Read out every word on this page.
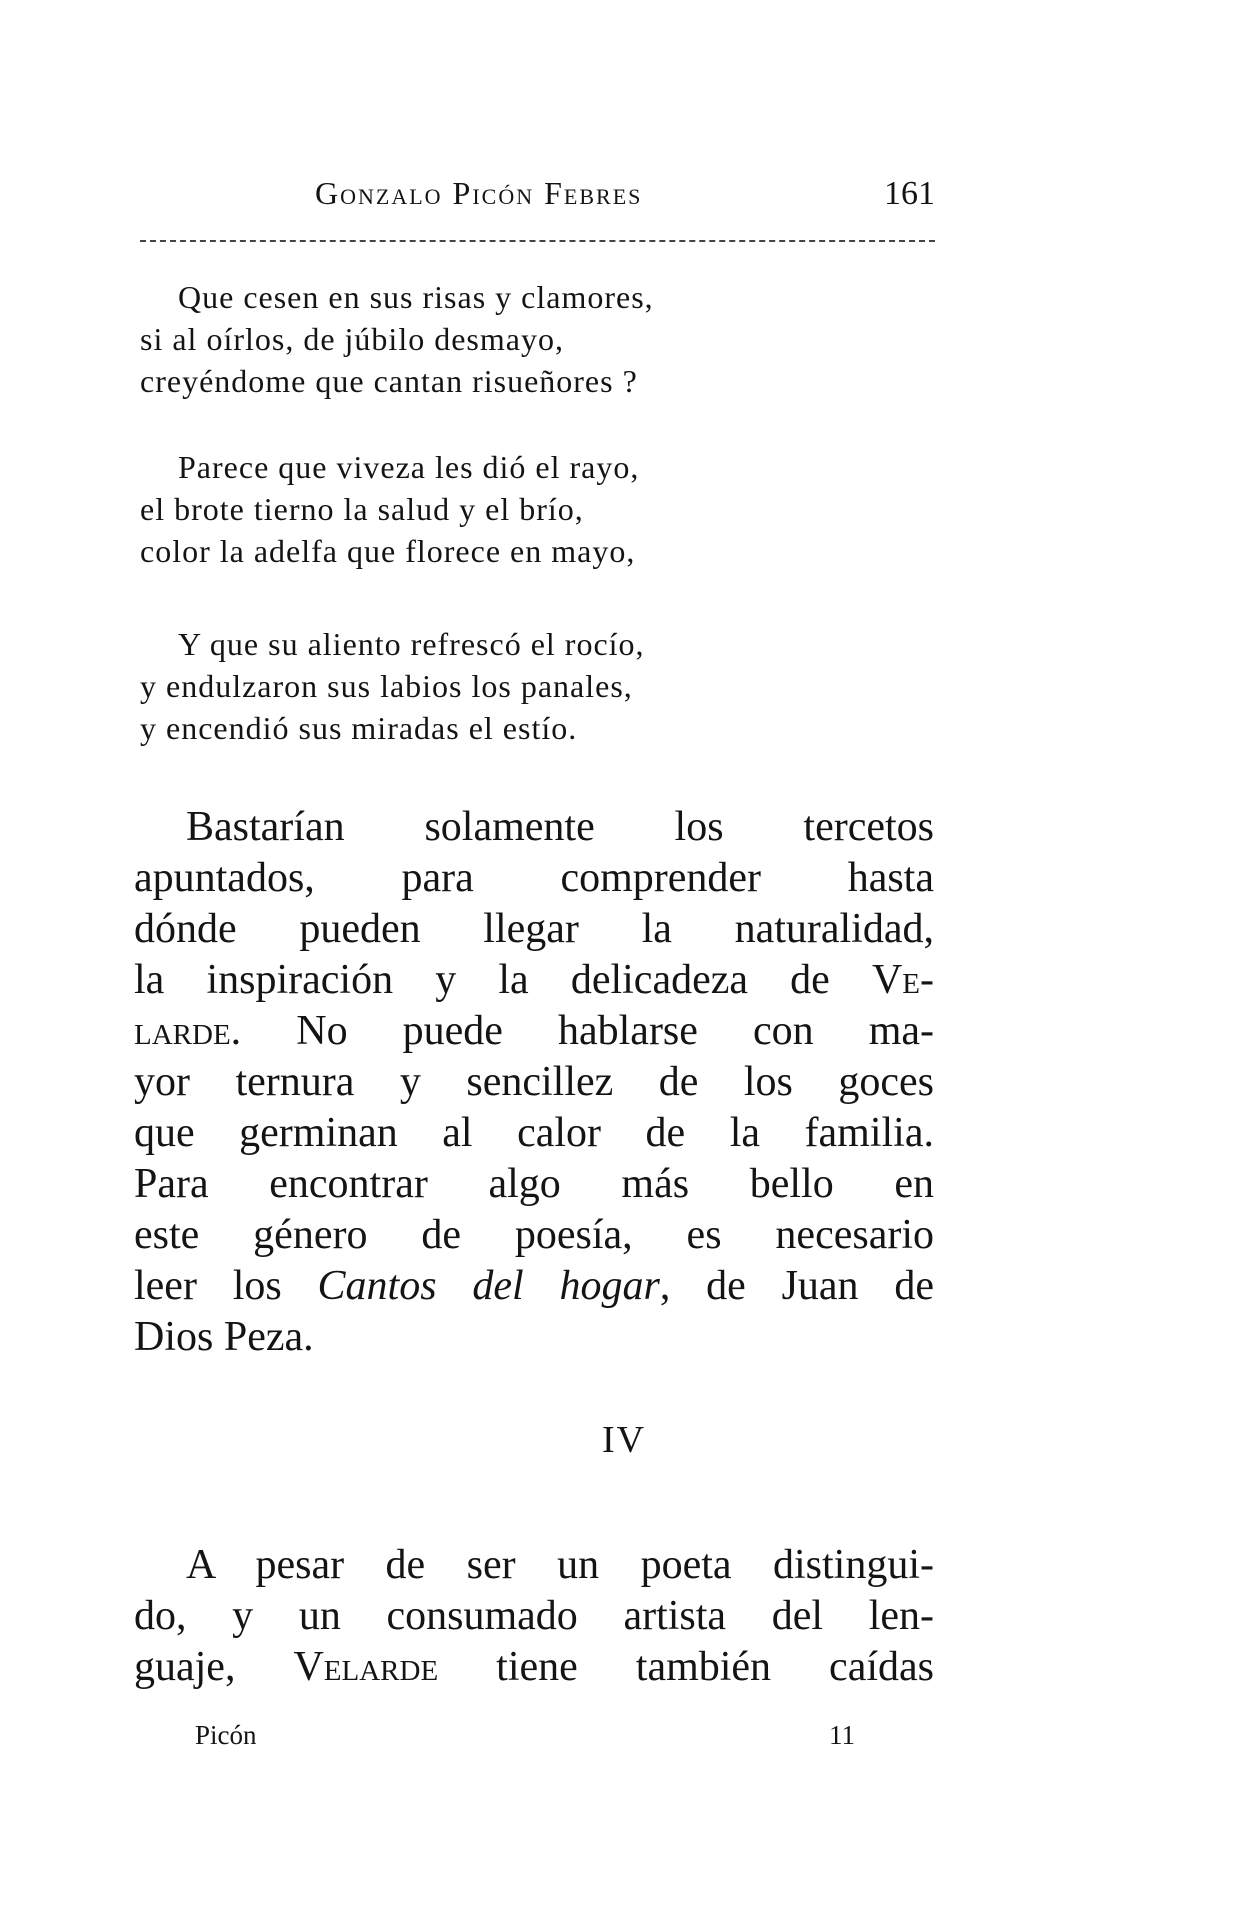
Gonzalo Picón Febres	161
Que cesen en sus risas y clamores,
si al oírlos, de júbilo desmayo,
creyéndome que cantan risueñores ?
Parece que viveza les dió el rayo,
el brote tierno la salud y el brío,
color la adelfa que florece en mayo,
Y que su aliento refrescó el rocío,
y endulzaron sus labios los panales,
y encendió sus miradas el estío.
Bastarían solamente los tercetos
apuntados, para comprender hasta
dónde pueden llegar la naturalidad,
la inspiración y la delicadeza de Ve-
larde. No puede hablarse con ma-
yor ternura y sencillez de los goces
que germinan al calor de la familia.
Para encontrar algo más bello en
este género de poesía, es necesario
leer los Cantos del hogar, de Juan de
Dios Peza.
IV
A pesar de ser un poeta distingui-
do, y un consumado artista del len-
guaje, Velarde tiene también caídas
Picón	11
